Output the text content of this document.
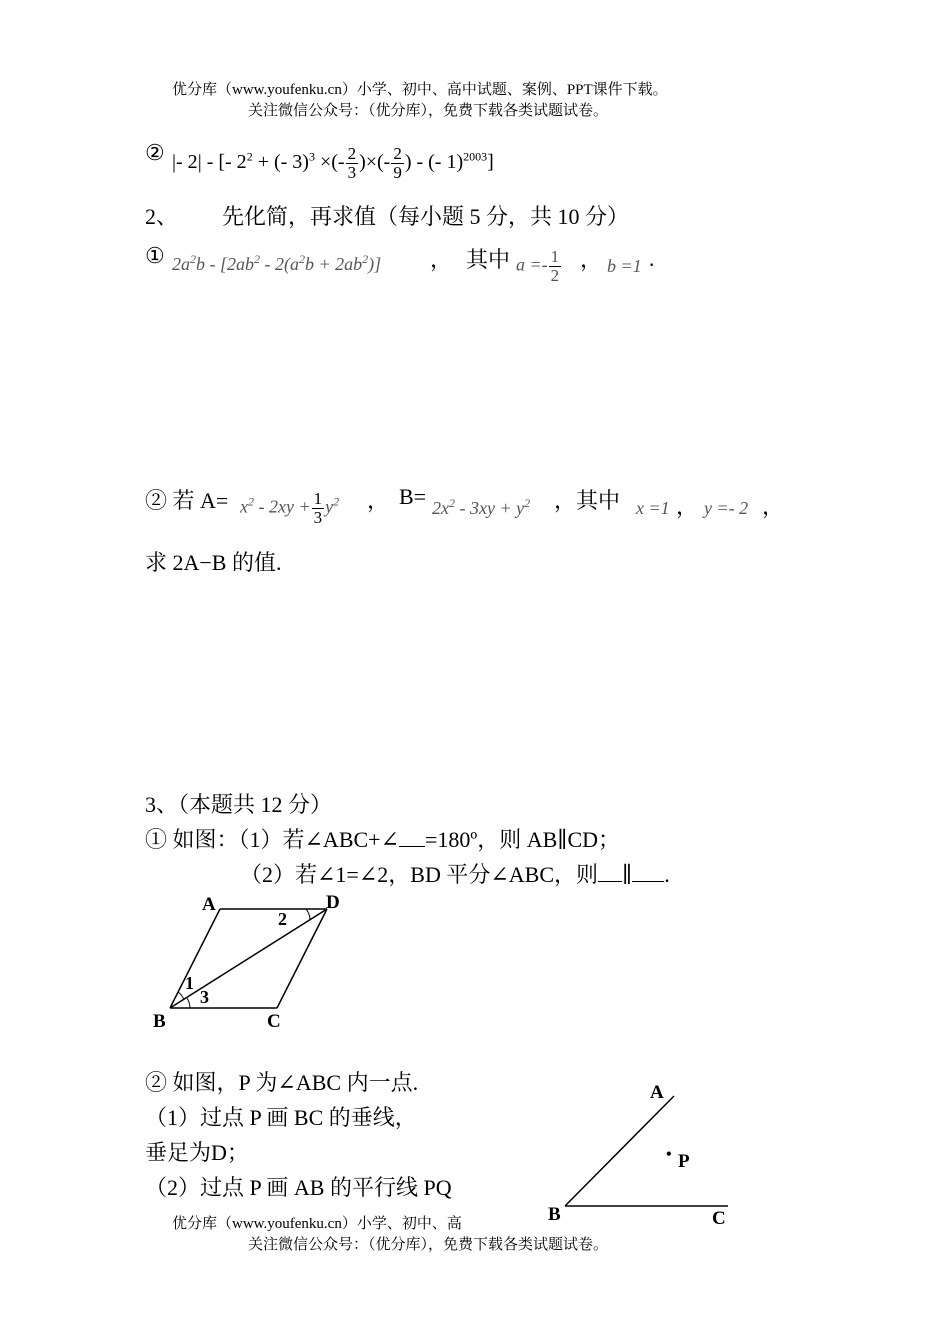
优分库（www.youfenku.cn）小学、初中、高中试题、案例、PPT课件下载。
关注微信公众号：（优分库），免费下载各类试题试卷。
② |- 2| - [- $2^2$ + (- 3)$^3$ ×(- $\frac{2}{3}$ )×(- $\frac{2}{9}$ ) - (- 1)$^{2003}$]
2、 先化简，再求值（每小题 5 分，共 10 分）
① $2a^2b - [2ab^2 - 2(a^2b + 2ab^2)]$ ， 其中 $a =- \frac{1}{2}$ ， b =1 ·
② 若 $A= x^2 - 2xy + \frac{1}{3} y^2$ ， $B= 2x^2 - 3xy + y^2$ ，其中 x =1 ， y =- 2 ，
求 2A−B 的值.
3、（本题共 12 分）
① 如图：（1）若∠ABC+∠ =180º，则 AB∥CD；
（2）若∠1=∠2，BD 平分∠ABC，则 ∥ .
A	D
B	C
2
1
3
② 如图，P 为∠ABC 内一点.
（1）过点 P 画 BC 的垂线，
垂足为D；
（2）过点 P 画 AB 的平行线 PQ
A
B	C
• P
优分库（www.youfenku.cn）小学、初中、高
关注微信公众号：（优分库），免费下载各类试题试卷。
